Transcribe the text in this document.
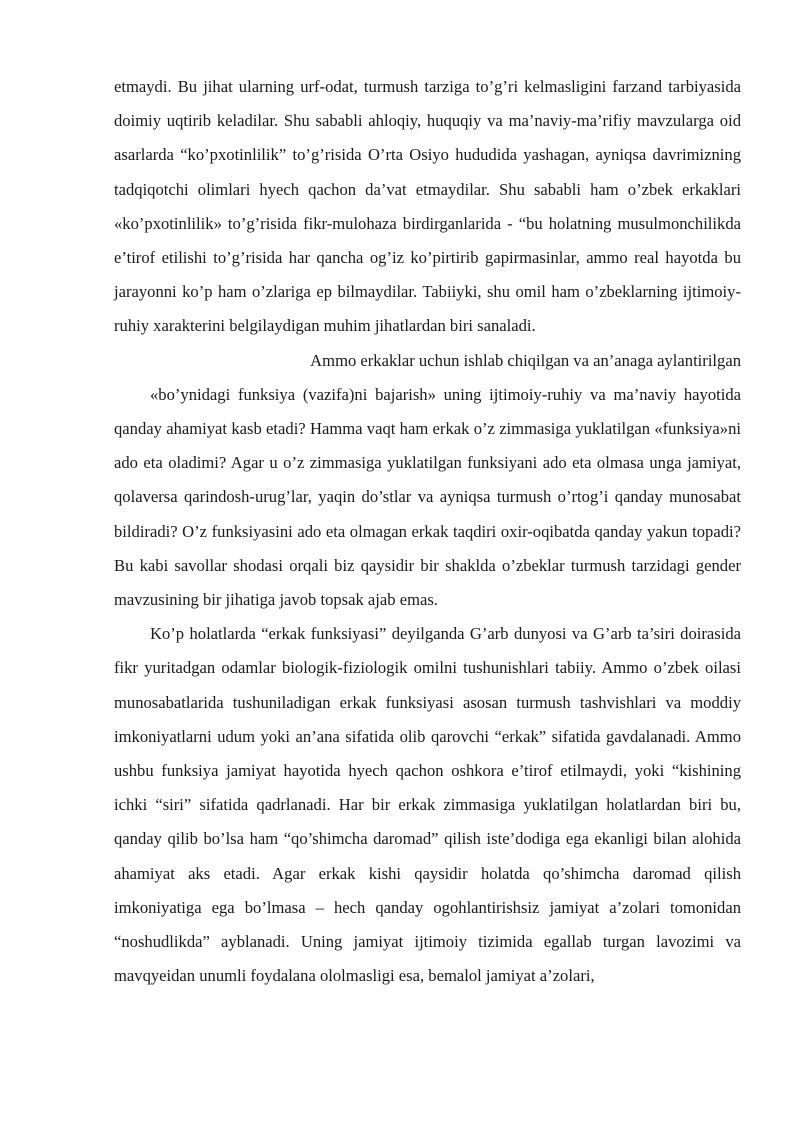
etmaydi. Bu jihat ularning urf-odat, turmush tarziga to’g’ri kelmasligini farzand tarbiyasida doimiy uqtirib keladilar. Shu sababli ahloqiy, huquqiy va ma’naviy-ma’rifiy mavzularga oid asarlarda “ko’pxotinlilik” to’g’risida O’rta Osiyo hududida yashagan, ayniqsa davrimizning tadqiqotchi olimlari hyech qachon da’vat etmaydilar. Shu sababli ham o’zbek erkaklari «ko’pxotinlilik» to’g’risida fikr-mulohaza birdirganlarida - “bu holatning musulmonchilikda e’tirof etilishi to’g’risida har qancha og’iz ko’pirtirib gapirmasinlar, ammo real hayotda bu jarayonni ko’p ham o’zlariga ep bilmaydilar. Tabiiyki, shu omil ham o’zbeklarning ijtimoiy-ruhiy xarakterini belgilaydigan muhim jihatlardan biri sanaladi.

Ammo erkaklar uchun ishlab chiqilgan va an’anaga aylantirilgan

«bo’ynidagi funksiya (vazifa)ni bajarish» uning ijtimoiy-ruhiy va ma’naviy hayotida qanday ahamiyat kasb etadi? Hamma vaqt ham erkak o’z zimmasiga yuklatilgan «funksiya»ni ado eta oladimi? Agar u o’z zimmasiga yuklatilgan funksiyani ado eta olmasa unga jamiyat, qolaversa qarindosh-urug’lar, yaqin do’stlar va ayniqsa turmush o’rtog’i qanday munosabat bildiradi? O’z funksiyasini ado eta olmagan erkak taqdiri oxir-oqibatda qanday yakun topadi? Bu kabi savollar shodasi orqali biz qaysidir bir shaklda o’zbeklar turmush tarzidagi gender mavzusining bir jihatiga javob topsak ajab emas.

Ko’p holatlarda “erkak funksiyasi” deyilganda G’arb dunyosi va G’arb ta’siri doirasida fikr yuritadgan odamlar biologik-fiziologik omilni tushunishlari tabiiy. Ammo o’zbek oilasi munosabatlarida tushuniladigan erkak funksiyasi asosan turmush tashvishlari va moddiy imkoniyatlarni udum yoki an’ana sifatida olib qarovchi “erkak” sifatida gavdalanadi. Ammo ushbu funksiya jamiyat hayotida hyech qachon oshkora e’tirof etilmaydi, yoki “kishining ichki “siri” sifatida qadrlanadi. Har bir erkak zimmasiga yuklatilgan holatlardan biri bu, qanday qilib bo’lsa ham “qo’shimcha daromad” qilish iste’dodiga ega ekanligi bilan alohida ahamiyat aks etadi. Agar erkak kishi qaysidir holatda qo’shimcha daromad qilish imkoniyatiga ega bo’lmasa – hech qanday ogohlantirishsiz jamiyat a’zolari tomonidan “noshudlikda” ayblanadi. Uning jamiyat ijtimoiy tizimida egallab turgan lavozimi va mavqyeidan unumli foydalana ololmasligi esa, bemalol jamiyat a’zolari,
